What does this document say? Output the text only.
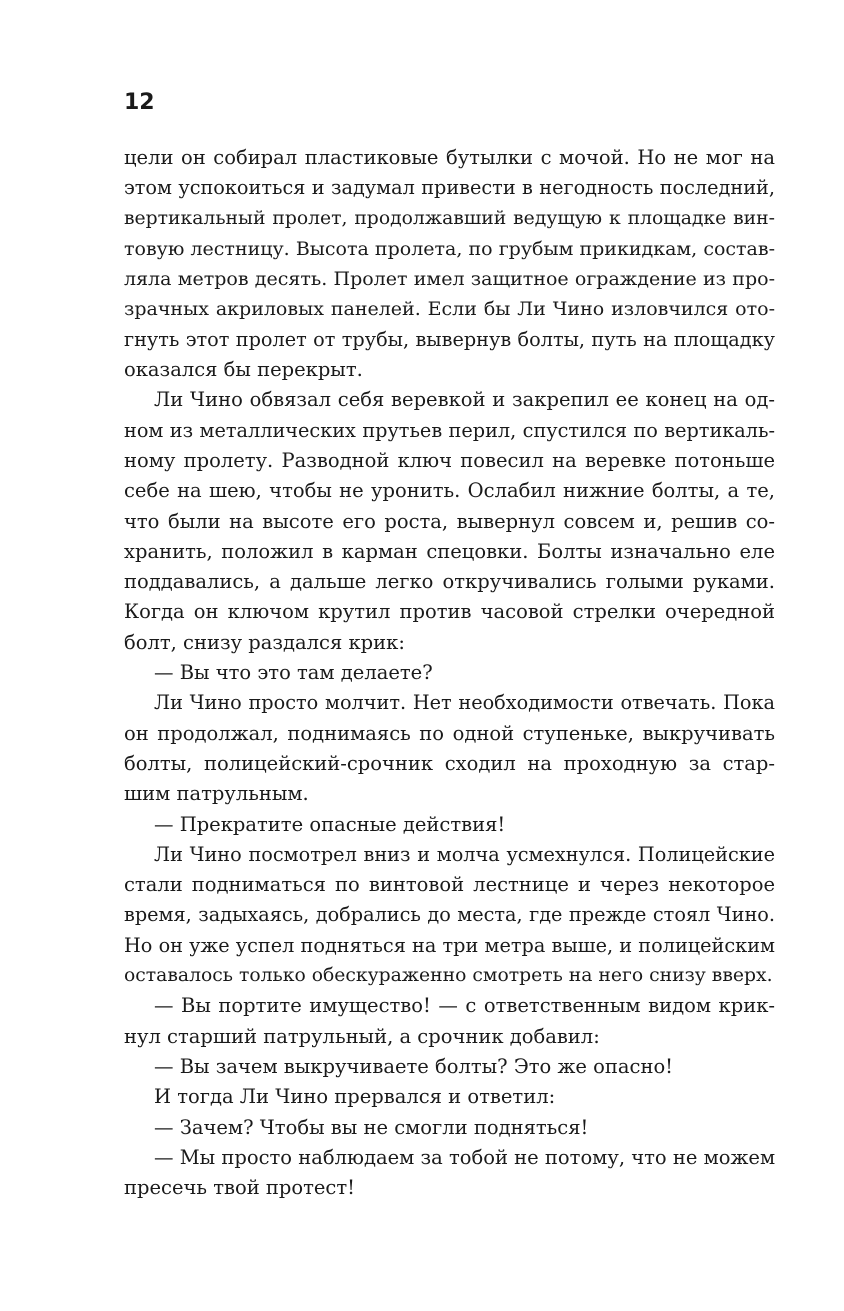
12
цели он собирал пластиковые бутылки с мочой. Но не мог на
этом успокоиться и задумал привести в негодность последний,
вертикальный пролет, продолжавший ведущую к площадке вин-
товую лестницу. Высота пролета, по грубым прикидкам, состав-
ляла метров десять. Пролет имел защитное ограждение из про-
зрачных акриловых панелей. Если бы Ли Чино изловчился ото-
гнуть этот пролет от трубы, вывернув болты, путь на площадку
оказался бы перекрыт.
Ли Чино обвязал себя веревкой и закрепил ее конец на од-
ном из металлических прутьев перил, спустился по вертикаль-
ному пролету. Разводной ключ повесил на веревке потоньше
себе на шею, чтобы не уронить. Ослабил нижние болты, а те,
что были на высоте его роста, вывернул совсем и, решив со-
хранить, положил в карман спецовки. Болты изначально еле
поддавались, а дальше легко откручивались голыми руками.
Когда он ключом крутил против часовой стрелки очередной
болт, снизу раздался крик:
— Вы что это там делаете?
Ли Чино просто молчит. Нет необходимости отвечать. Пока
он продолжал, поднимаясь по одной ступеньке, выкручивать
болты, полицейский-срочник сходил на проходную за стар-
шим патрульным.
— Прекратите опасные действия!
Ли Чино посмотрел вниз и молча усмехнулся. Полицейские
стали подниматься по винтовой лестнице и через некоторое
время, задыхаясь, добрались до места, где прежде стоял Чино.
Но он уже успел подняться на три метра выше, и полицейским
оставалось только обескураженно смотреть на него снизу вверх.
— Вы портите имущество! — с ответственным видом крик-
нул старший патрульный, а срочник добавил:
— Вы зачем выкручиваете болты? Это же опасно!
И тогда Ли Чино прервался и ответил:
— Зачем? Чтобы вы не смогли подняться!
— Мы просто наблюдаем за тобой не потому, что не можем
пресечь твой протест!
